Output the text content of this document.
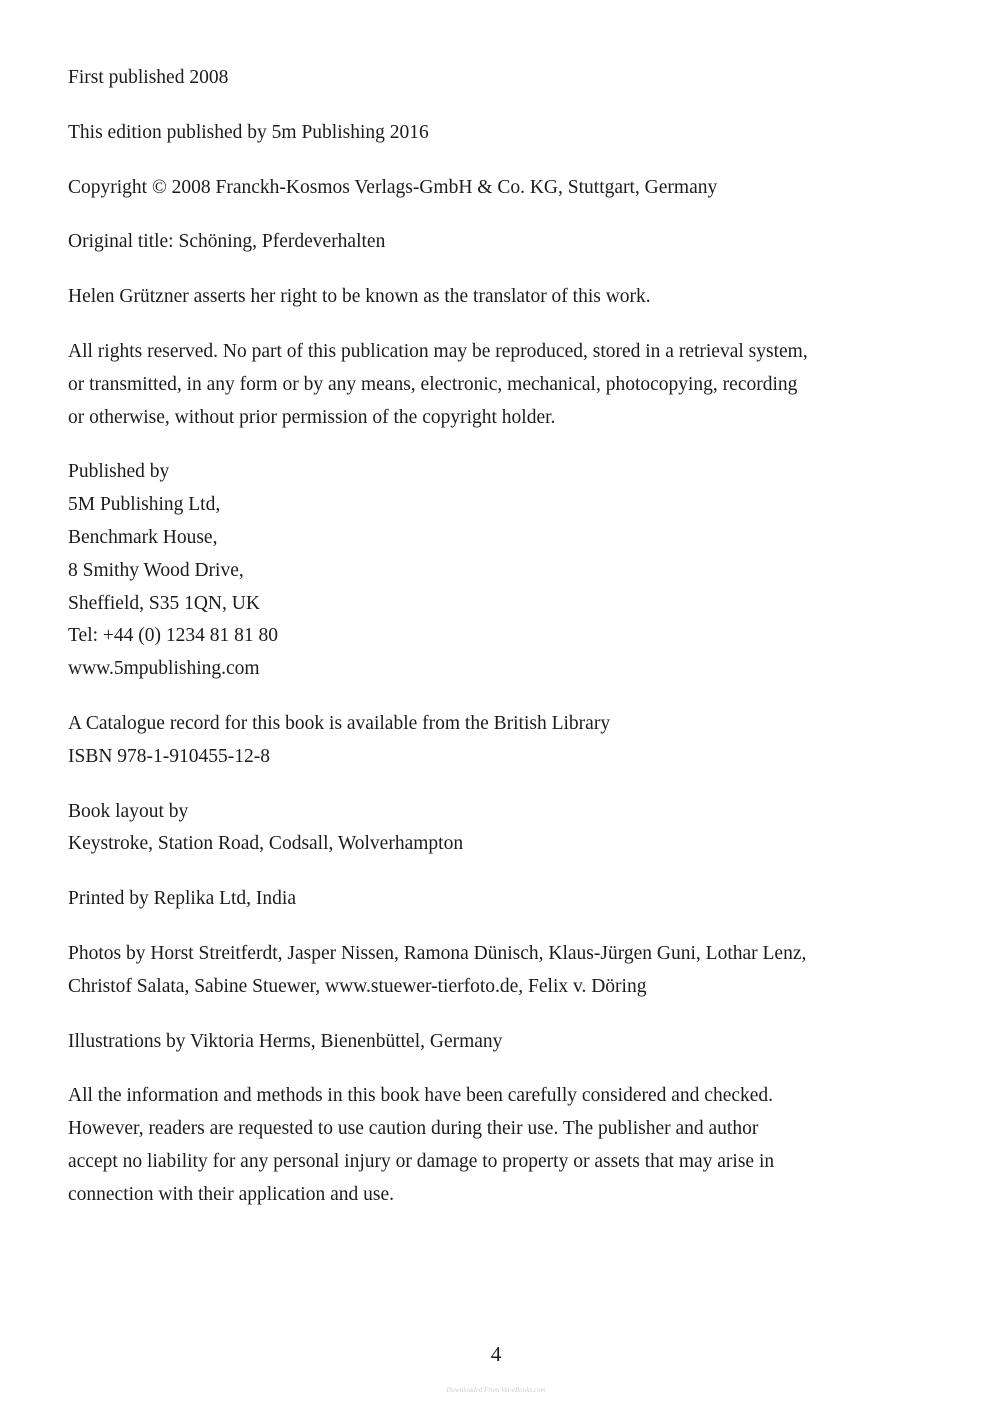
First published 2008

This edition published by 5m Publishing 2016

Copyright © 2008 Franckh-Kosmos Verlags-GmbH & Co. KG, Stuttgart, Germany

Original title: Schöning, Pferdeverhalten

Helen Grützner asserts her right to be known as the translator of this work.

All rights reserved. No part of this publication may be reproduced, stored in a retrieval system,
or transmitted, in any form or by any means, electronic, mechanical, photocopying, recording
or otherwise, without prior permission of the copyright holder.

Published by
5M Publishing Ltd,
Benchmark House,
8 Smithy Wood Drive,
Sheffield, S35 1QN, UK
Tel: +44 (0) 1234 81 81 80
www.5mpublishing.com

A Catalogue record for this book is available from the British Library
ISBN 978-1-910455-12-8

Book layout by
Keystroke, Station Road, Codsall, Wolverhampton

Printed by Replika Ltd, India

Photos by Horst Streitferdt, Jasper Nissen, Ramona Dünisch, Klaus-Jürgen Guni, Lothar Lenz,
Christof Salata, Sabine Stuewer, www.stuewer-tierfoto.de, Felix v. Döring

Illustrations by Viktoria Herms, Bienenbüttel, Germany

All the information and methods in this book have been carefully considered and checked.
However, readers are requested to use caution during their use. The publisher and author
accept no liability for any personal injury or damage to property or assets that may arise in
connection with their application and use.

4
Downloaded From Vet-eBooks.com
